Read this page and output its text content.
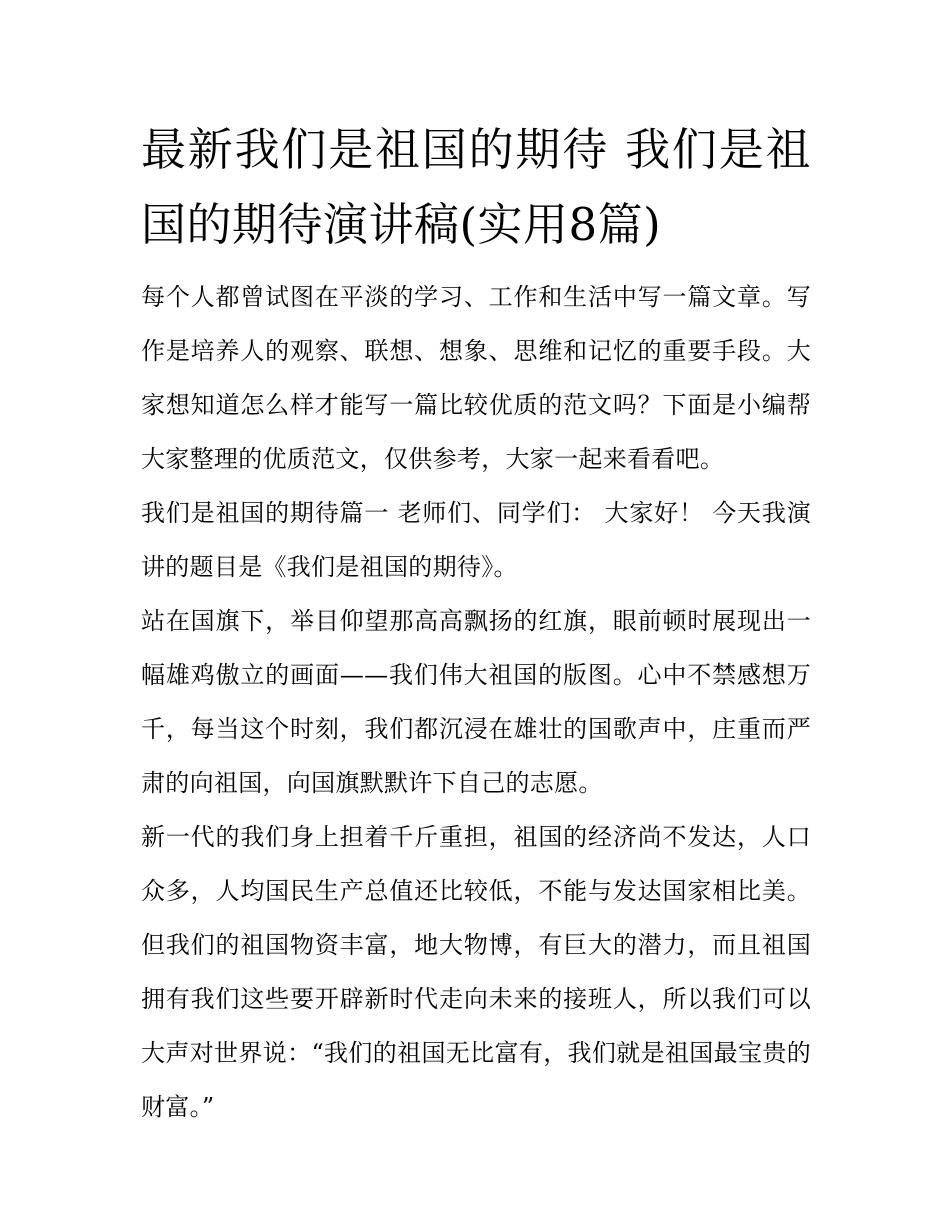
最新我们是祖国的期待 我们是祖国的期待演讲稿(实用8篇)

每个人都曾试图在平淡的学习、工作和生活中写一篇文章。写作是培养人的观察、联想、想象、思维和记忆的重要手段。大家想知道怎么样才能写一篇比较优质的范文吗？下面是小编帮大家整理的优质范文，仅供参考，大家一起来看看吧。

我们是祖国的期待篇一 老师们、同学们： 大家好！ 今天我演讲的题目是《我们是祖国的期待》。

站在国旗下，举目仰望那高高飘扬的红旗，眼前顿时展现出一幅雄鸡傲立的画面——我们伟大祖国的版图。心中不禁感想万千，每当这个时刻，我们都沉浸在雄壮的国歌声中，庄重而严肃的向祖国，向国旗默默许下自己的志愿。

新一代的我们身上担着千斤重担，祖国的经济尚不发达，人口众多，人均国民生产总值还比较低，不能与发达国家相比美。但我们的祖国物资丰富，地大物博，有巨大的潜力，而且祖国拥有我们这些要开辟新时代走向未来的接班人，所以我们可以大声对世界说：“我们的祖国无比富有，我们就是祖国最宝贵的财富。”
